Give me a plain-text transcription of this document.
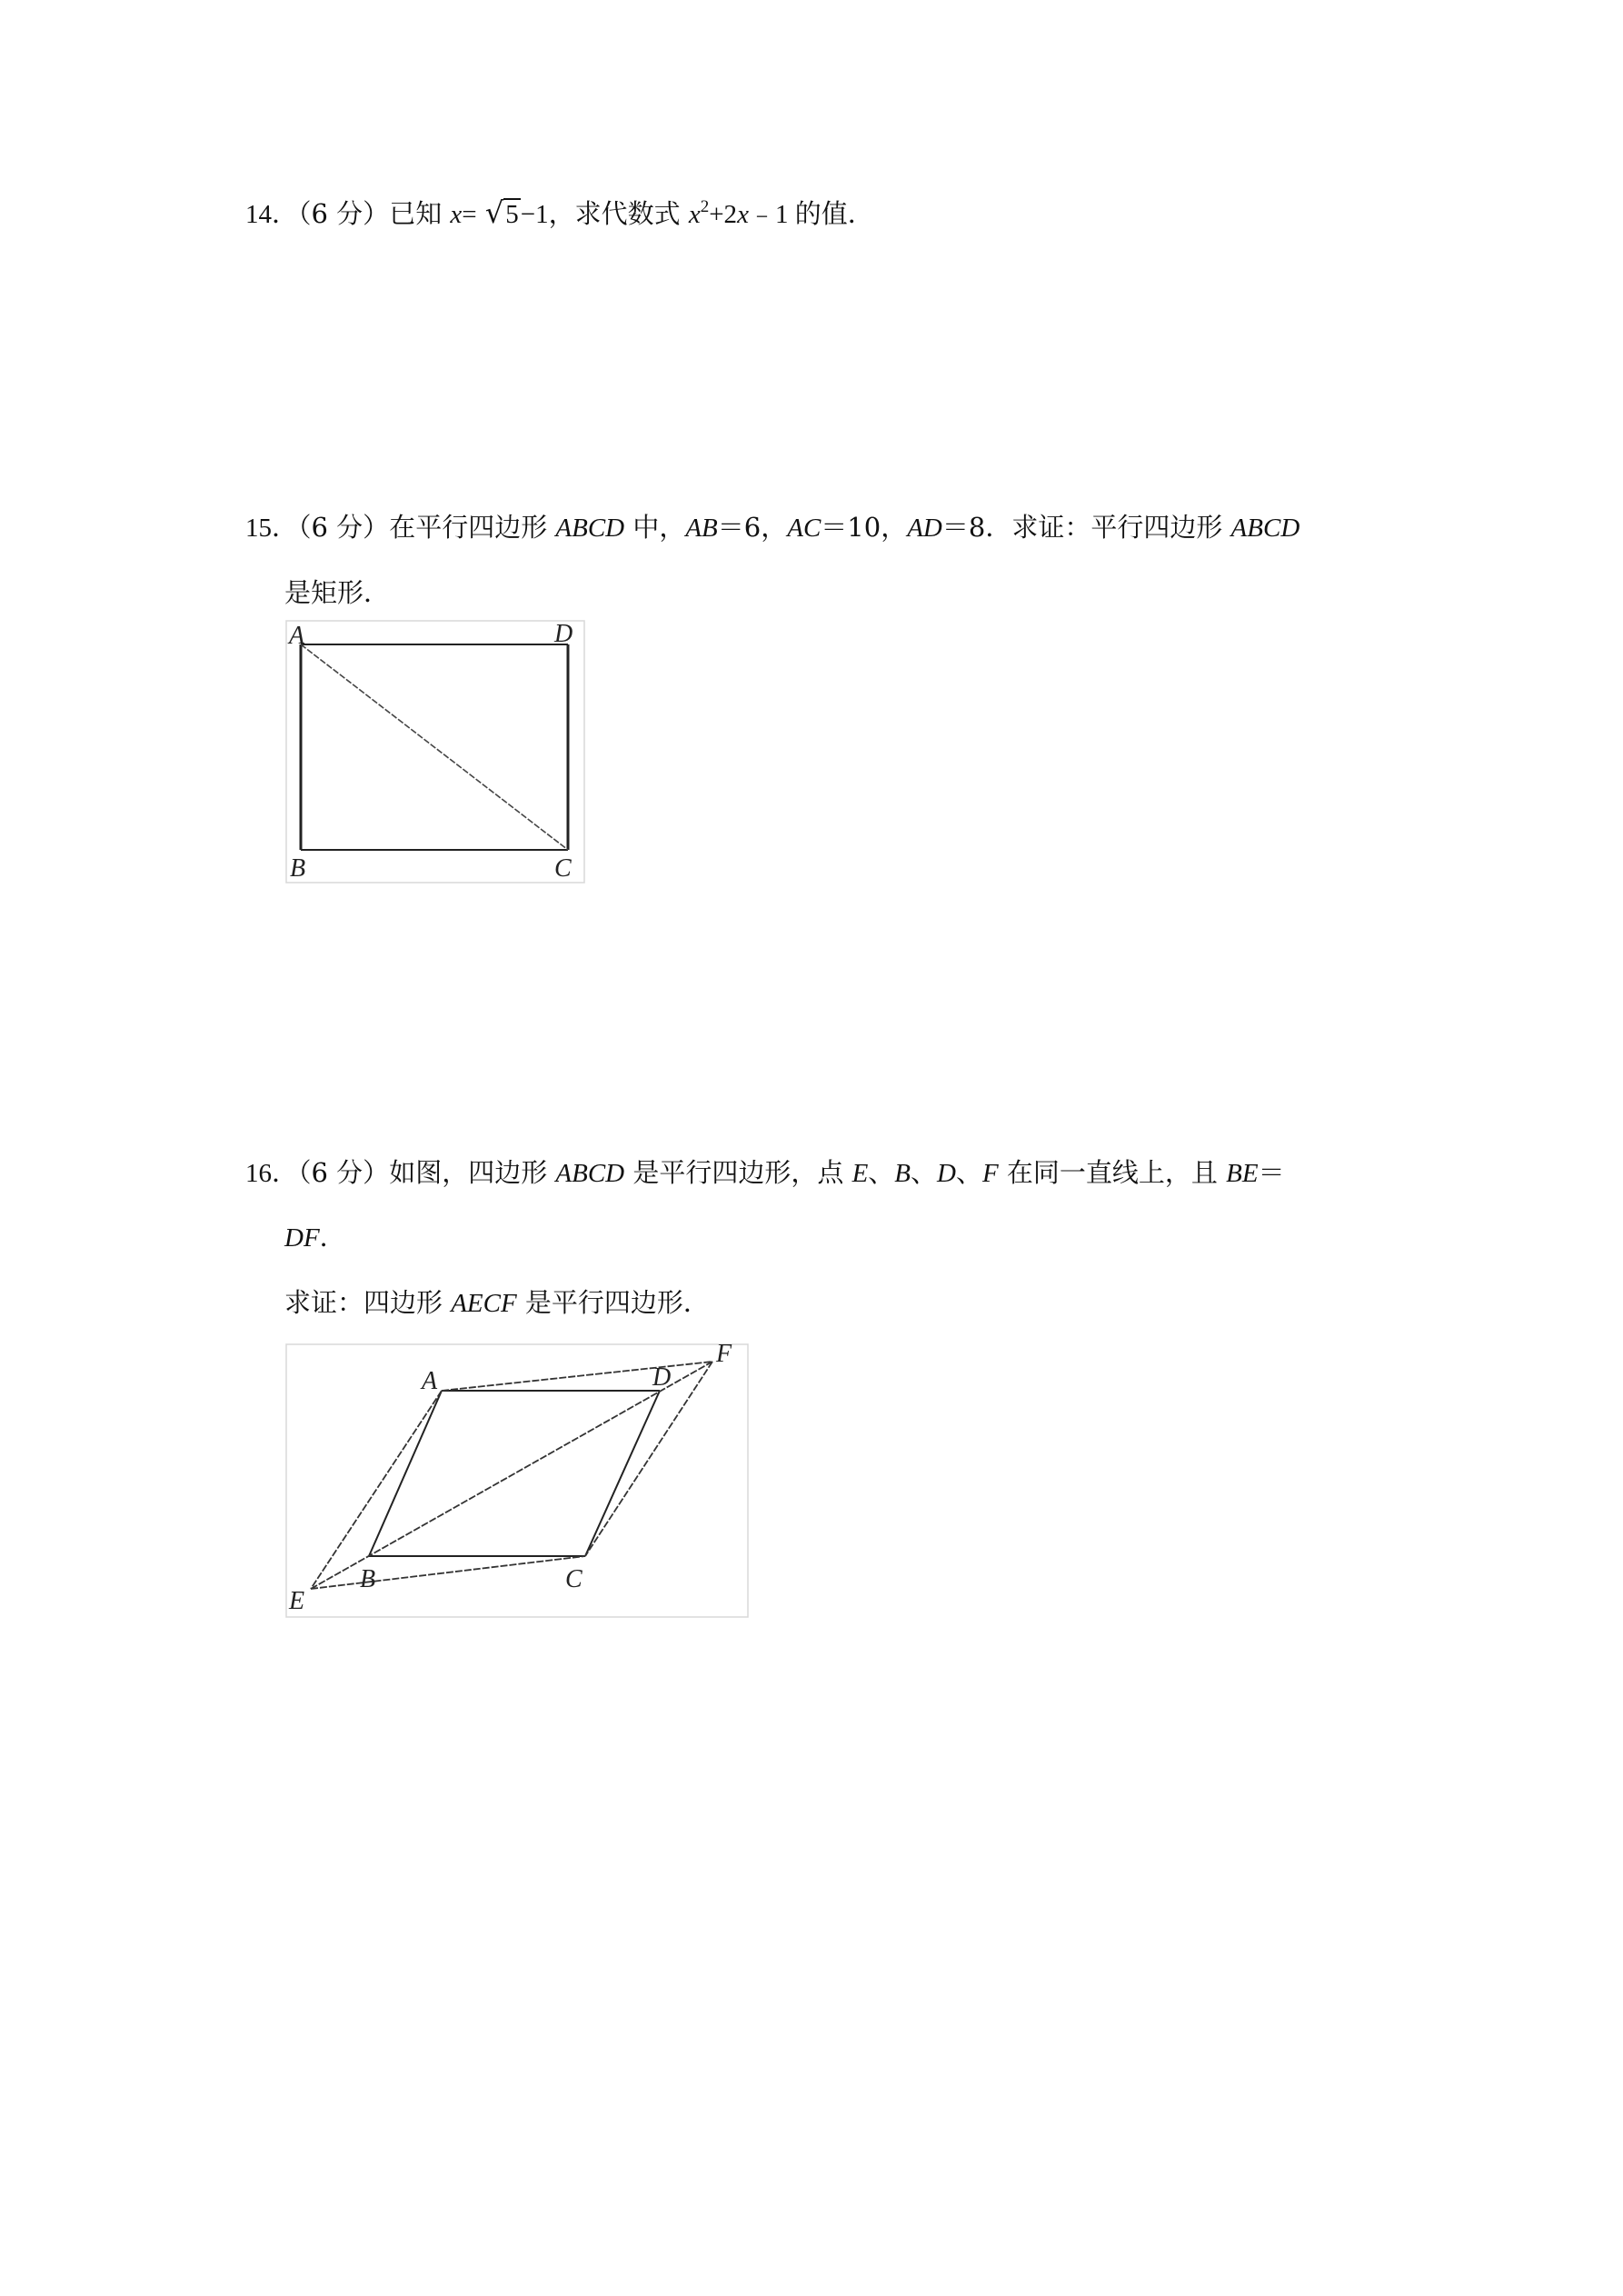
14．（6 分）已知 x= √5−1，求代数式 $x^2+2x﹣1$ 的值．
15．（6 分）在平行四边形 ABCD 中，AB＝6，AC＝10，AD＝8．求证：平行四边形 ABCD
是矩形．
A	D
B	C
16．（6 分）如图，四边形 ABCD 是平行四边形，点 E、B、D、F 在同一直线上，且 BE＝
DF．
求证：四边形 AECF 是平行四边形．
A	D
F
B	C
E
